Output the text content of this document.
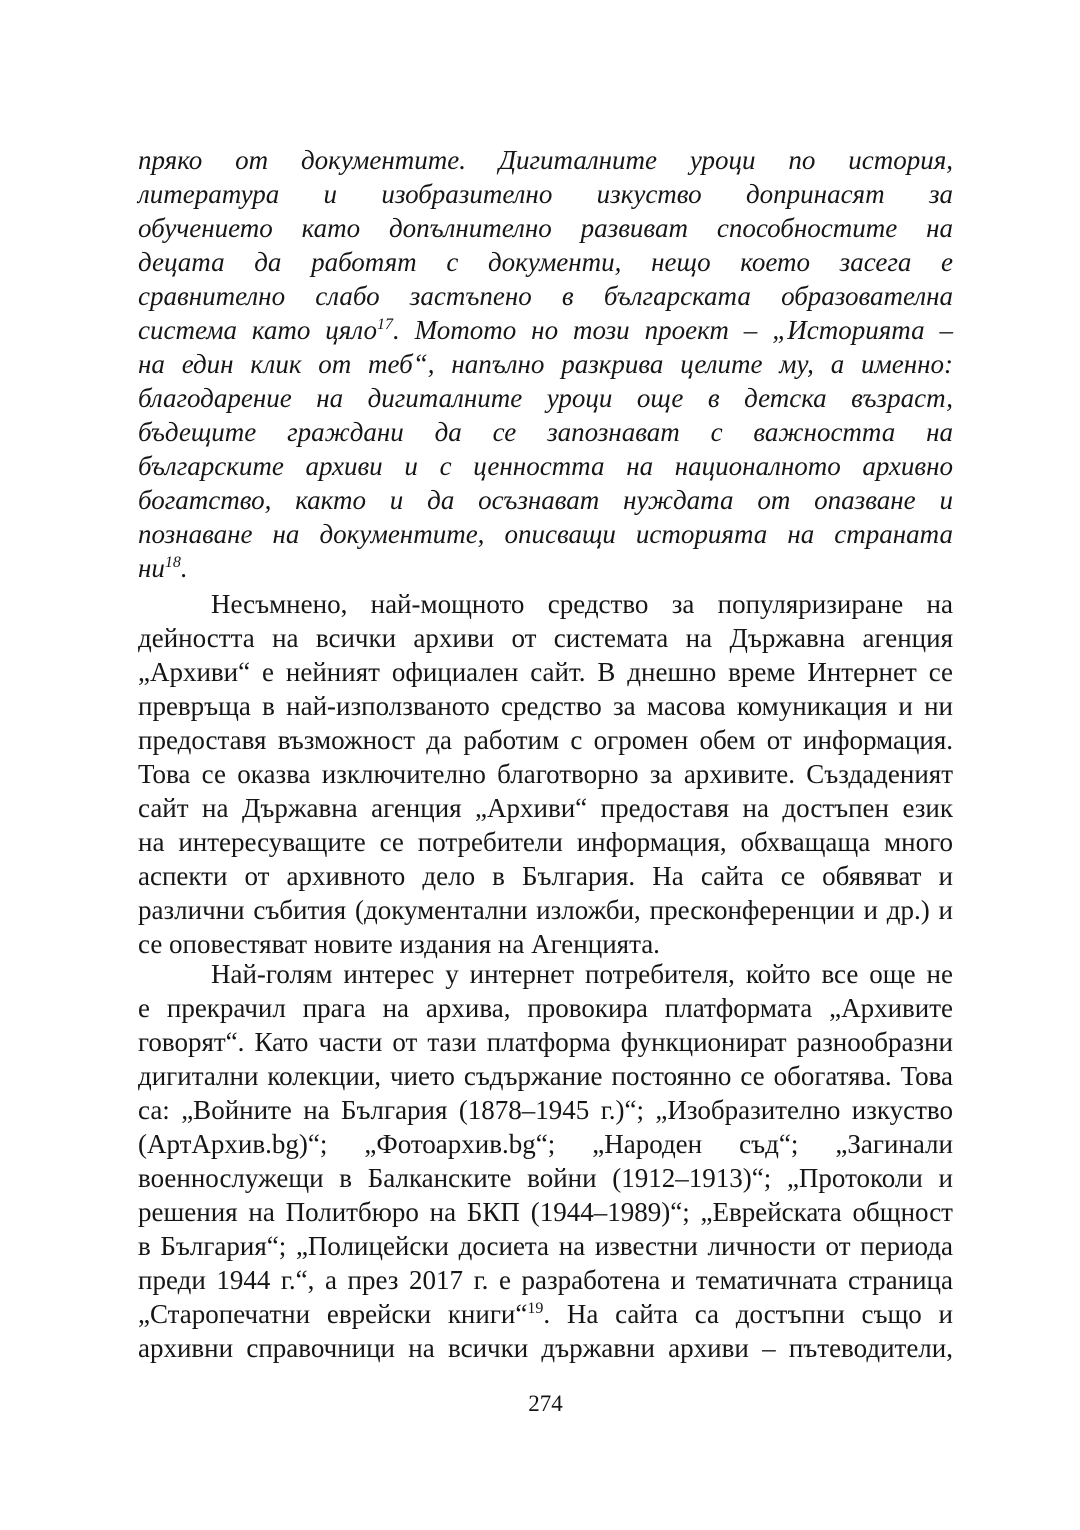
пряко от документите. Дигиталните уроци по история,
литература и изобразително изкуство допринасят за
обучението като допълнително развиват способностите на
децата да работят с документи, нещо което засега е
сравнително слабо застъпено в българската образователна
система като цяло$^{17}$. Мотото но този проект – „Историята –
на един клик от теб“, напълно разкрива целите му, а именно:
благодарение на дигиталните уроци още в детска възраст,
бъдещите граждани да се запознават с важността на
българските архиви и с ценността на националното архивно
богатство, както и да осъзнават нуждата от опазване и
познаване на документите, описващи историята на страната
$ни^{18}$.
Несъмнено, най-мощното средство за популяризиране на
дейността на всички архиви от системата на Държавна агенция
„Архиви“ е нейният официален сайт. В днешно време Интернет се
превръща в най-използваното средство за масова комуникация и ни
предоставя възможност да работим с огромен обем от информация.
Това се оказва изключително благотворно за архивите. Създаденият
сайт на Държавна агенция „Архиви“ предоставя на достъпен език
на интересуващите се потребители информация, обхващаща много
аспекти от архивното дело в България. На сайта се обявяват и
различни събития (документални изложби, пресконференции и др.) и
се оповестяват новите издания на Агенцията.
Най-голям интерес у интернет потребителя, който все още не
е прекрачил прага на архива, провокира платформата „Архивите
говорят“. Като части от тази платформа функционират разнообразни
дигитални колекции, чието съдържание постоянно се обогатява. Това
са: „Войните на България (1878–1945 г.)“; „Изобразително изкуство
(АртАрхив.bg)“; „Фотоархив.bg“; „Народен съд“; „Загинали
военнослужещи в Балканските войни (1912–1913)“; „Протоколи и
решения на Политбюро на БКП (1944–1989)“; „Еврейската общност
в България“; „Полицейски досиета на известни личности от периода
преди 1944 г.“, а през 2017 г. е разработена и тематичната страница
„Старопечатни еврейски книги“$^{19}$. На сайта са достъпни също и
архивни справочници на всички държавни архиви – пътеводители,
274
